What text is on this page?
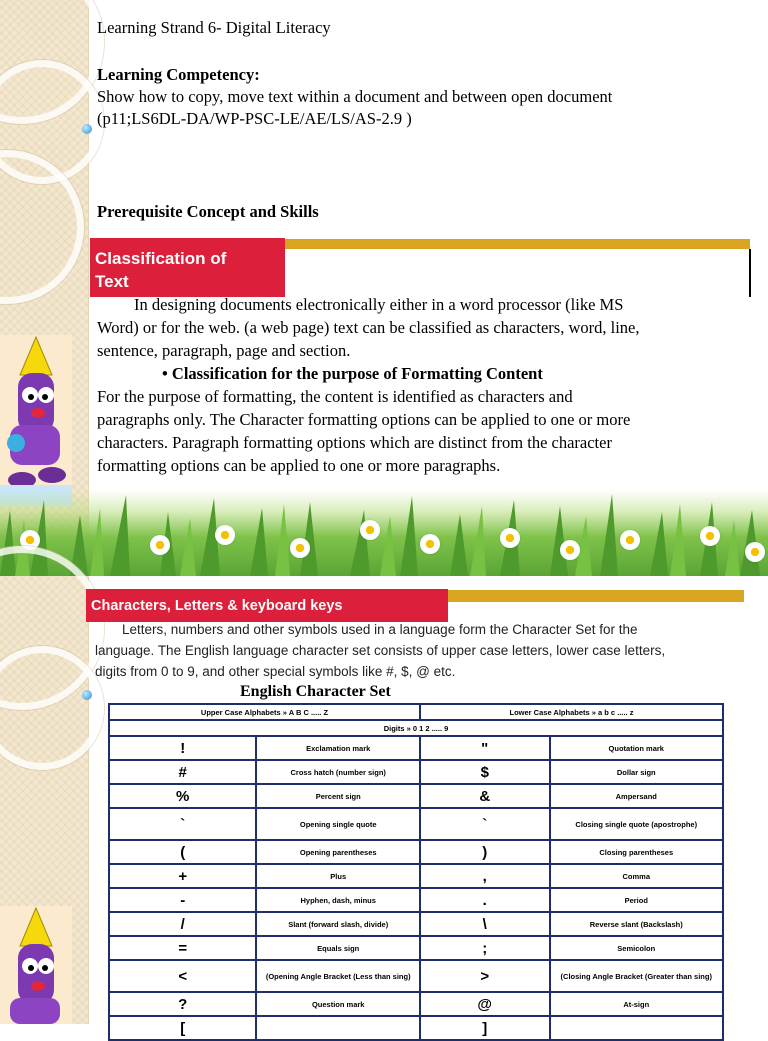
Learning Strand 6- Digital Literacy
Learning Competency:
Show how to copy, move text within a document and between open document
(p11;LS6DL-DA/WP-PSC-LE/AE/LS/AS-2.9 )
Prerequisite Concept and Skills
Classification of
Text
In designing documents electronically either in a word processor (like MS
Word) or for the web. (a web page) text can be classified as characters, word, line,
sentence, paragraph, page and section.
• Classification for the purpose of Formatting Content
For the purpose of formatting, the content is identified as characters and
paragraphs only. The Character formatting options can be applied to one or more
characters. Paragraph formatting options which are distinct from the character
formatting options can be applied to one or more paragraphs.
Characters, Letters & keyboard keys
Letters, numbers and other symbols used in a language form the Character Set for the
language. The English language character set consists of upper case letters, lower case letters,
digits from 0 to 9, and other special symbols like #, $, @ etc.
English Character Set
Upper Case Alphabets » A B C ..... Z		Lower Case Alphabets » a b c ..... z	
Digits » 0 1 2 ..... 9			
!	Exclamation mark	"	Quotation mark
#	Cross hatch (number sign)	$	Dollar sign
%	Percent sign	&	Ampersand
`	Opening single quote	`	Closing single quote (apostrophe)
(	Opening parentheses	)	Closing parentheses
+	Plus	,	Comma
-	Hyphen, dash, minus	.	Period
/	Slant (forward slash, divide)	\	Reverse slant (Backslash)
=	Equals sign	;	Semicolon
<	(Opening Angle Bracket (Less than sing)	>	(Closing Angle Bracket (Greater than sing)
?	Question mark	@	At-sign
[		]	
